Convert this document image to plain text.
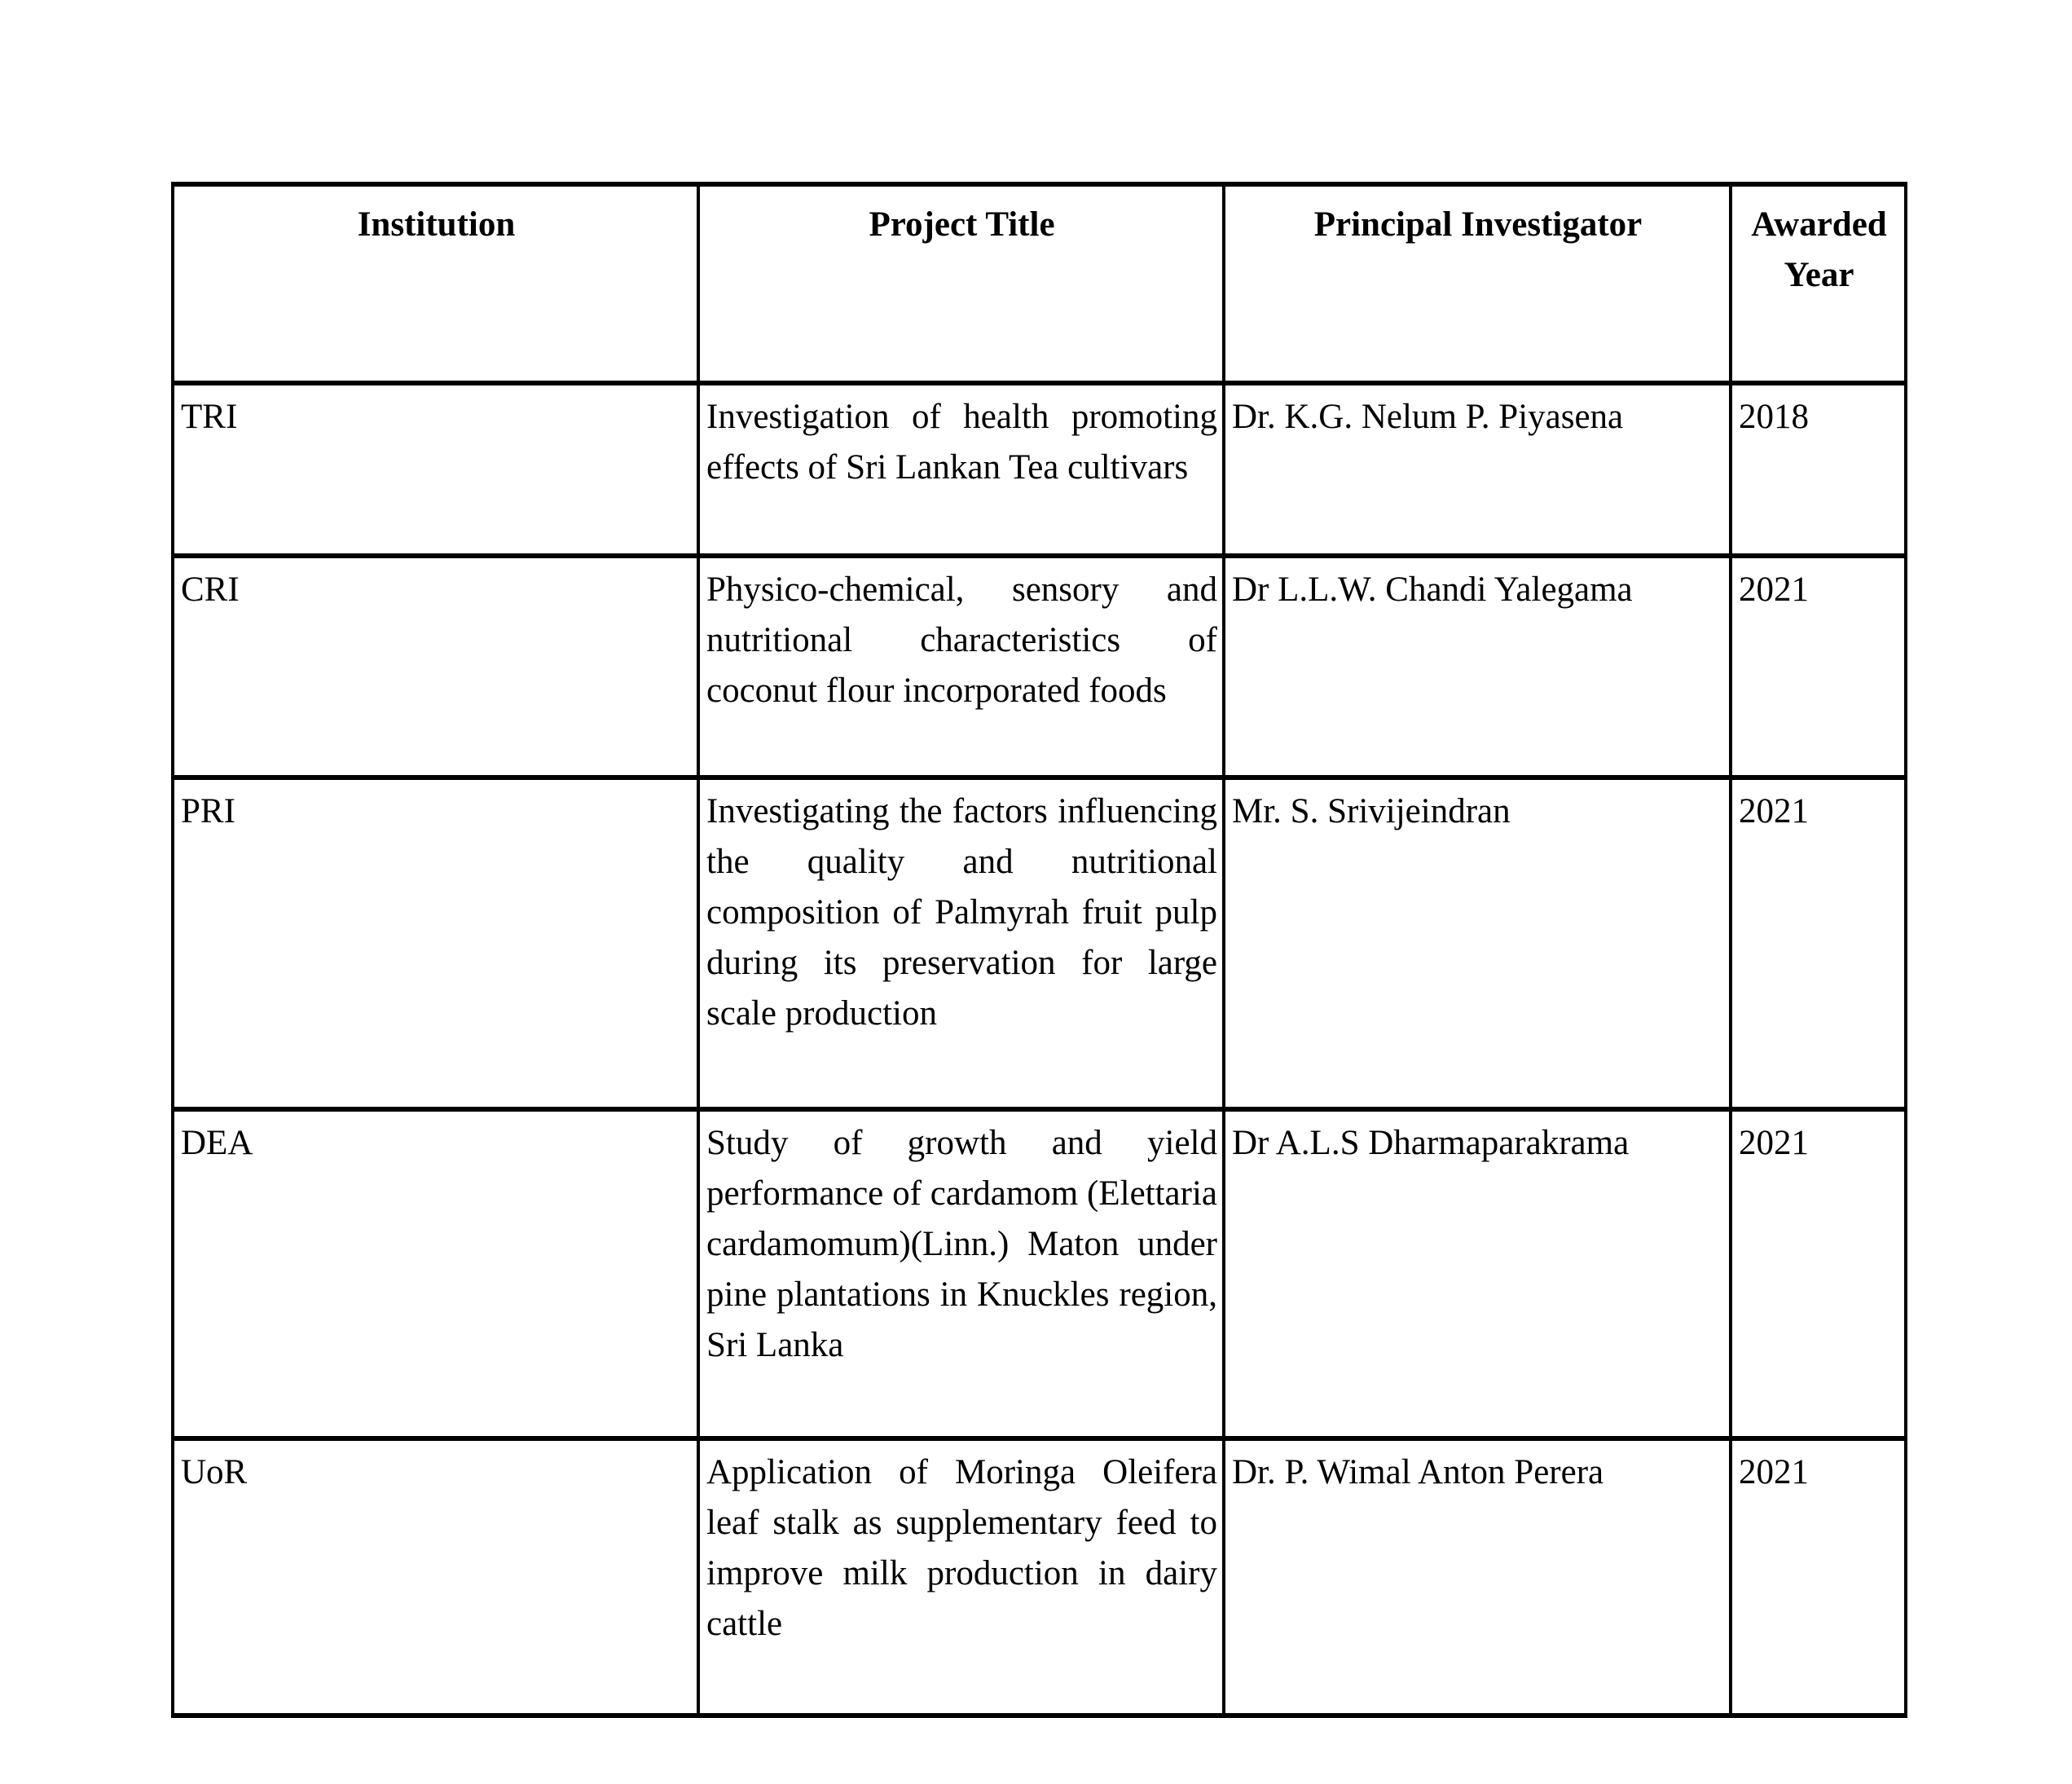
Institution	Project Title	Principal Investigator	Awarded Year
TRI	Investigation of health promoting effects of Sri Lankan Tea cultivars	Dr. K.G. Nelum P. Piyasena	2018
CRI	Physico-chemical, sensory and nutritional characteristics of coconut flour incorporated foods	Dr L.L.W. Chandi Yalegama	2021
PRI	Investigating the factors influencing the quality and nutritional composition of Palmyrah fruit pulp during its preservation for large scale production	Mr. S. Srivijeindran	2021
DEA	Study of growth and yield performance of cardamom (Elettaria cardamomum)(Linn.) Maton under pine plantations in Knuckles region, Sri Lanka	Dr A.L.S Dharmaparakrama	2021
UoR	Application of Moringa Oleifera leaf stalk as supplementary feed to improve milk production in dairy cattle	Dr. P. Wimal Anton Perera	2021
